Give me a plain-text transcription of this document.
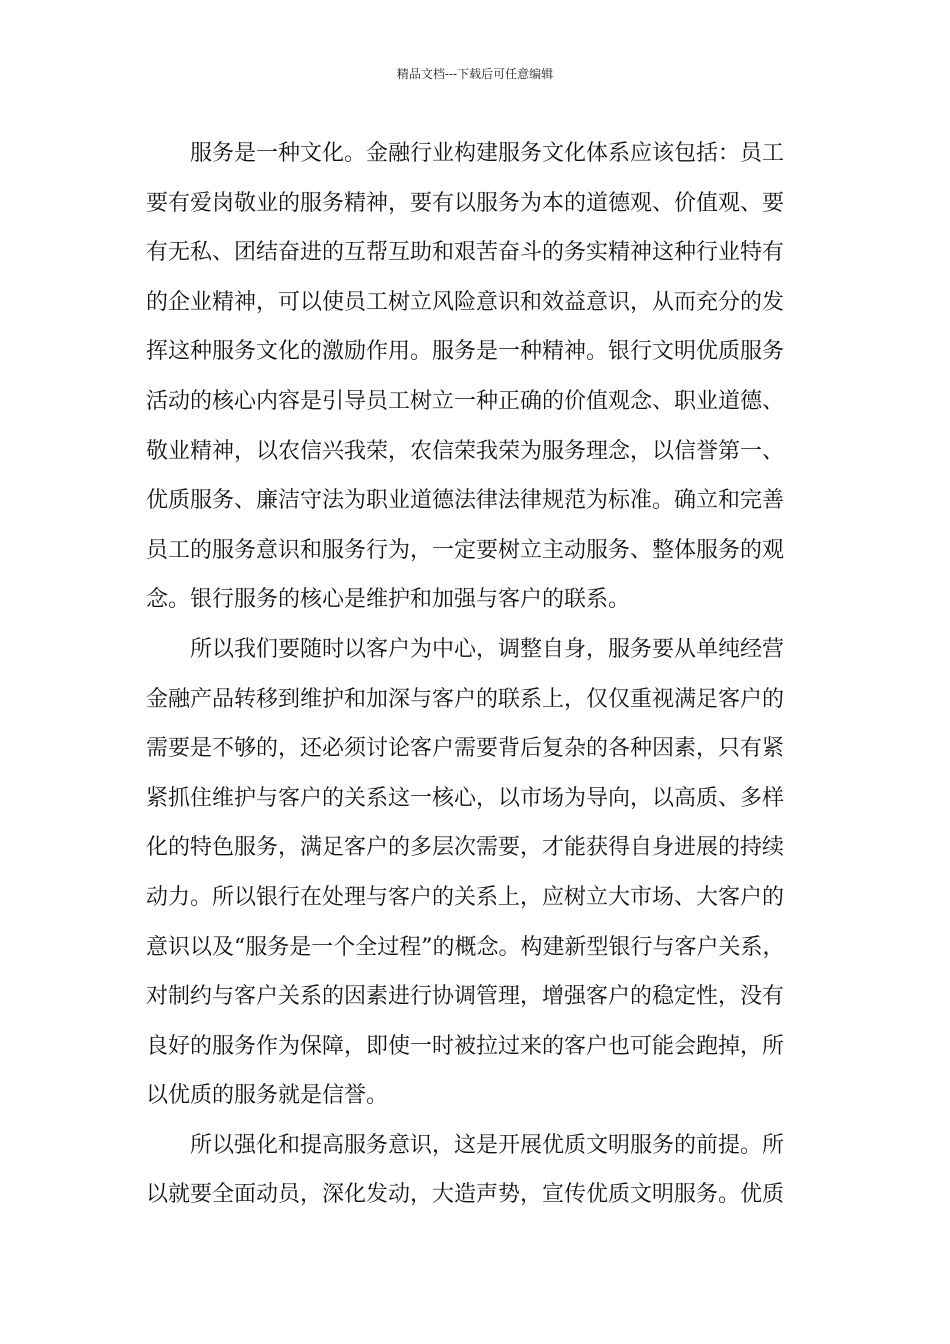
精品文档---下载后可任意编辑
服务是一种文化。金融行业构建服务文化体系应该包括：员工
要有爱岗敬业的服务精神，要有以服务为本的道德观、价值观、要
有无私、团结奋进的互帮互助和艰苦奋斗的务实精神这种行业特有
的企业精神，可以使员工树立风险意识和效益意识，从而充分的发
挥这种服务文化的激励作用。服务是一种精神。银行文明优质服务
活动的核心内容是引导员工树立一种正确的价值观念、职业道德、
敬业精神，以农信兴我荣，农信荣我荣为服务理念，以信誉第一、
优质服务、廉洁守法为职业道德法律法律规范为标准。确立和完善
员工的服务意识和服务行为，一定要树立主动服务、整体服务的观
念。银行服务的核心是维护和加强与客户的联系。
所以我们要随时以客户为中心，调整自身，服务要从单纯经营
金融产品转移到维护和加深与客户的联系上，仅仅重视满足客户的
需要是不够的，还必须讨论客户需要背后复杂的各种因素，只有紧
紧抓住维护与客户的关系这一核心，以市场为导向，以高质、多样
化的特色服务，满足客户的多层次需要，才能获得自身进展的持续
动力。所以银行在处理与客户的关系上，应树立大市场、大客户的
意识以及“服务是一个全过程”的概念。构建新型银行与客户关系，
对制约与客户关系的因素进行协调管理，增强客户的稳定性，没有
良好的服务作为保障，即使一时被拉过来的客户也可能会跑掉，所
以优质的服务就是信誉。
所以强化和提高服务意识，这是开展优质文明服务的前提。所
以就要全面动员，深化发动，大造声势，宣传优质文明服务。优质
